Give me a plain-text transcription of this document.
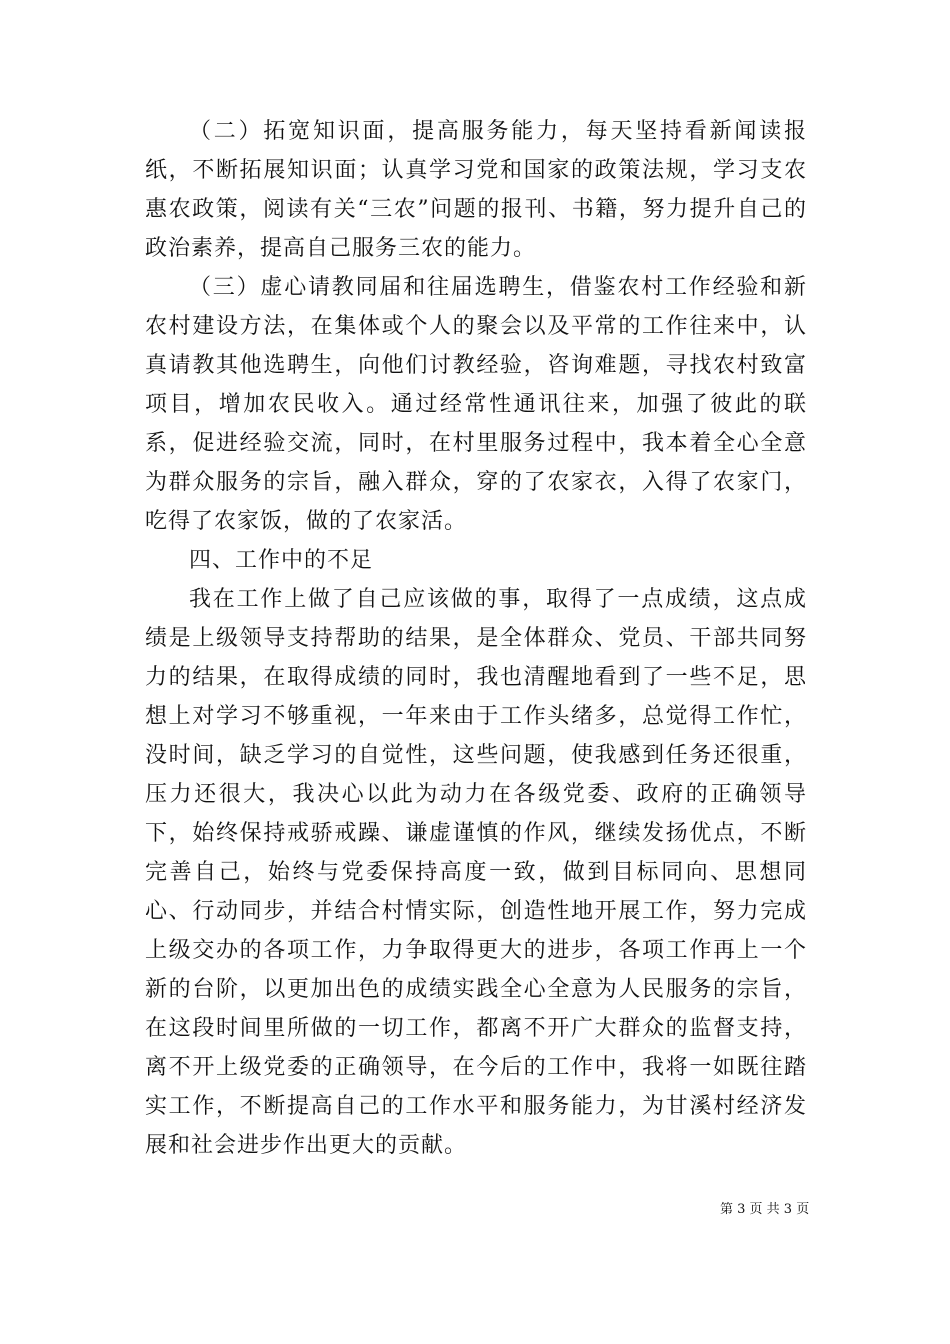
（二）拓宽知识面，提高服务能力，每天坚持看新闻读报纸，不断拓展知识面；认真学习党和国家的政策法规，学习支农惠农政策，阅读有关“三农”问题的报刊、书籍，努力提升自己的政治素养，提高自己服务三农的能力。

（三）虚心请教同届和往届选聘生，借鉴农村工作经验和新农村建设方法，在集体或个人的聚会以及平常的工作往来中，认真请教其他选聘生，向他们讨教经验，咨询难题，寻找农村致富项目，增加农民收入。通过经常性通讯往来，加强了彼此的联系，促进经验交流，同时，在村里服务过程中，我本着全心全意为群众服务的宗旨，融入群众，穿的了农家衣，入得了农家门，吃得了农家饭，做的了农家活。

四、工作中的不足

我在工作上做了自己应该做的事，取得了一点成绩，这点成绩是上级领导支持帮助的结果，是全体群众、党员、干部共同努力的结果，在取得成绩的同时，我也清醒地看到了一些不足，思想上对学习不够重视，一年来由于工作头绪多，总觉得工作忙，没时间，缺乏学习的自觉性，这些问题，使我感到任务还很重，压力还很大，我决心以此为动力在各级党委、政府的正确领导下，始终保持戒骄戒躁、谦虚谨慎的作风，继续发扬优点，不断完善自己，始终与党委保持高度一致，做到目标同向、思想同心、行动同步，并结合村情实际，创造性地开展工作，努力完成上级交办的各项工作，力争取得更大的进步，各项工作再上一个新的台阶，以更加出色的成绩实践全心全意为人民服务的宗旨，在这段时间里所做的一切工作，都离不开广大群众的监督支持，离不开上级党委的正确领导，在今后的工作中，我将一如既往踏实工作，不断提高自己的工作水平和服务能力，为甘溪村经济发展和社会进步作出更大的贡献。

第 3 页 共 3 页
